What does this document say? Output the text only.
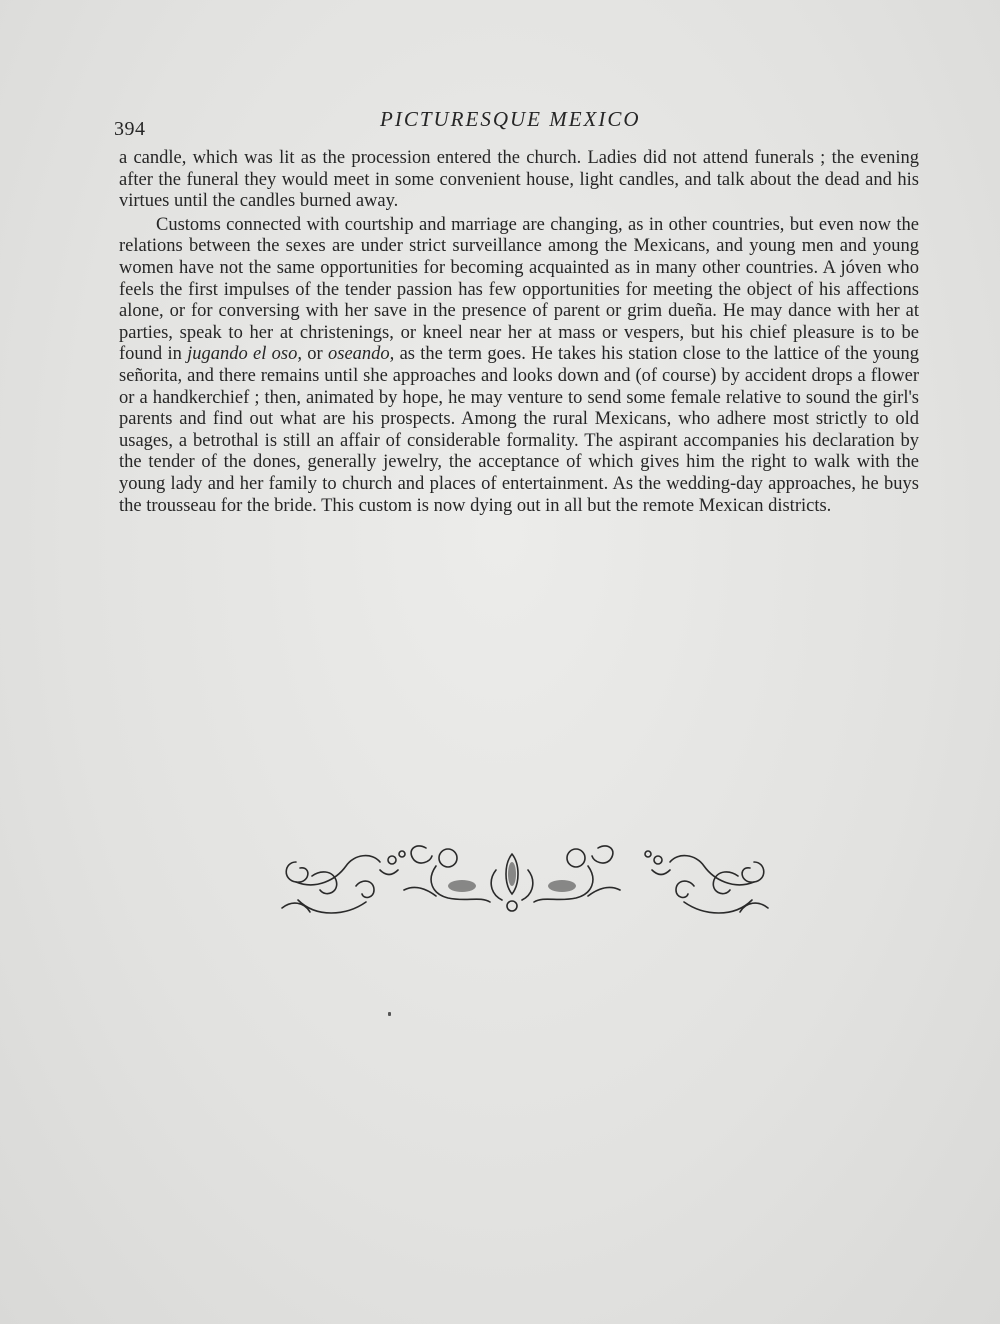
394	PICTURESQUE MEXICO

a candle, which was lit as the procession entered the church. Ladies did not attend funerals ; the evening after the funeral they would meet in some convenient house, light candles, and talk about the dead and his virtues until the candles burned away.

Customs connected with courtship and marriage are changing, as in other countries, but even now the relations between the sexes are under strict surveillance among the Mexicans, and young men and young women have not the same opportunities for becoming acquainted as in many other countries. A jóven who feels the first impulses of the tender passion has few opportunities for meeting the object of his affections alone, or for conversing with her save in the presence of parent or grim dueña. He may dance with her at parties, speak to her at christenings, or kneel near her at mass or vespers, but his chief pleasure is to be found in jugando el oso, or oseando, as the term goes. He takes his station close to the lattice of the young señorita, and there remains until she approaches and looks down and (of course) by accident drops a flower or a handkerchief ; then, animated by hope, he may venture to send some female relative to sound the girl's parents and find out what are his prospects. Among the rural Mexicans, who adhere most strictly to old usages, a betrothal is still an affair of considerable formality. The aspirant accompanies his declaration by the tender of the dones, generally jewelry, the acceptance of which gives him the right to walk with the young lady and her family to church and places of entertainment. As the wedding-day approaches, he buys the trousseau for the bride. This custom is now dying out in all but the remote Mexican districts.
